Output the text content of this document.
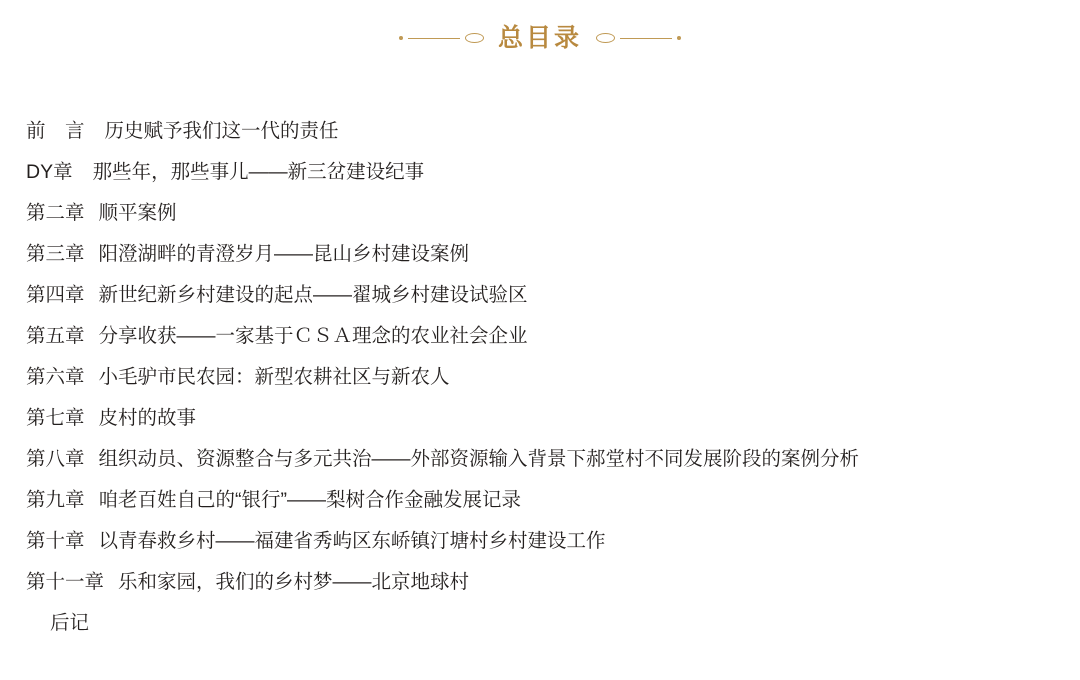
总目录
前　言 历史赋予我们这一代的责任
DY章 那些年，那些事儿——新三岔建设纪事
第二章 顺平案例
第三章 阳澄湖畔的青澄岁月——昆山乡村建设案例
第四章 新世纪新乡村建设的起点——翟城乡村建设试验区
第五章 分享收获——一家基于ＣＳＡ理念的农业社会企业
第六章 小毛驴市民农园：新型农耕社区与新农人
第七章 皮村的故事
第八章 组织动员、资源整合与多元共治——外部资源输入背景下郝堂村不同发展阶段的案例分析
第九章 咱老百姓自己的“银行”——梨树合作金融发展记录
第十章 以青春救乡村——福建省秀屿区东峤镇汀塘村乡村建设工作
第十一章 乐和家园，我们的乡村梦——北京地球村
后记
